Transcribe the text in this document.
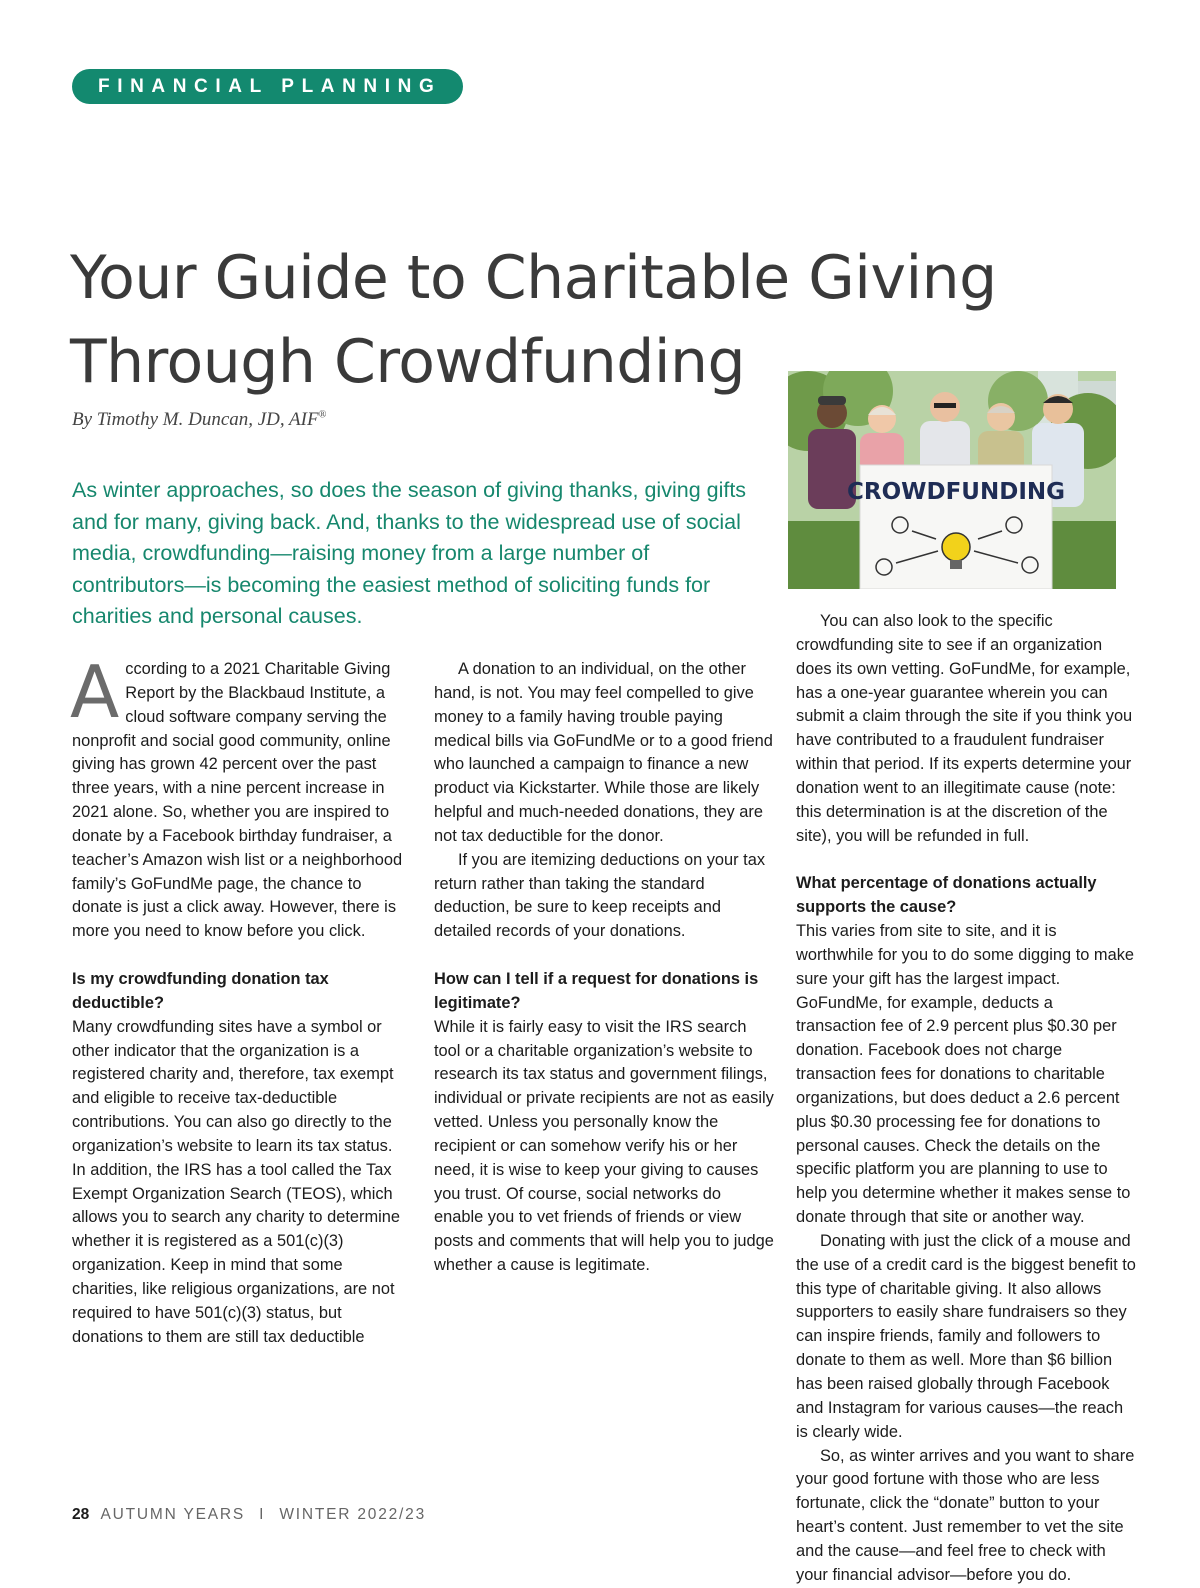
FINANCIAL PLANNING
Your Guide to Charitable Giving
Through Crowdfunding
By Timothy M. Duncan, JD, AIF®

As winter approaches, so does the season of giving thanks, giving gifts and for many, giving back. And, thanks to the widespread use of social media, crowdfunding—raising money from a large number of contributors—is becoming the easiest method of soliciting funds for charities and personal causes.

CROWDFUNDING

According to a 2021 Charitable Giving Report by the Blackbaud Institute, a cloud software company serving the nonprofit and social good community, online giving has grown 42 percent over the past three years, with a nine percent increase in 2021 alone. So, whether you are inspired to donate by a Facebook birthday fundraiser, a teacher’s Amazon wish list or a neighborhood family’s GoFundMe page, the chance to donate is just a click away. However, there is more you need to know before you click.

Is my crowdfunding donation tax deductible?

Many crowdfunding sites have a symbol or other indicator that the organization is a registered charity and, therefore, tax exempt and eligible to receive tax-deductible contributions. You can also go directly to the organization’s website to learn its tax status. In addition, the IRS has a tool called the Tax Exempt Organization Search (TEOS), which allows you to search any charity to determine whether it is registered as a 501(c)(3) organization. Keep in mind that some charities, like religious organizations, are not required to have 501(c)(3) status, but donations to them are still tax deductible

A donation to an individual, on the other hand, is not. You may feel compelled to give money to a family having trouble paying medical bills via GoFundMe or to a good friend who launched a campaign to finance a new product via Kickstarter. While those are likely helpful and much-needed donations, they are not tax deductible for the donor.

If you are itemizing deductions on your tax return rather than taking the standard deduction, be sure to keep receipts and detailed records of your donations.

How can I tell if a request for donations is legitimate?

While it is fairly easy to visit the IRS search tool or a charitable organization’s website to research its tax status and government filings, individual or private recipients are not as easily vetted. Unless you personally know the recipient or can somehow verify his or her need, it is wise to keep your giving to causes you trust. Of course, social networks do enable you to vet friends of friends or view posts and comments that will help you to judge whether a cause is legitimate.

You can also look to the specific crowdfunding site to see if an organization does its own vetting. GoFundMe, for example, has a one-year guarantee wherein you can submit a claim through the site if you think you have contributed to a fraudulent fundraiser within that period. If its experts determine your donation went to an illegitimate cause (note: this determination is at the discretion of the site), you will be refunded in full.

What percentage of donations actually supports the cause?

This varies from site to site, and it is worthwhile for you to do some digging to make sure your gift has the largest impact. GoFundMe, for example, deducts a transaction fee of 2.9 percent plus $0.30 per donation. Facebook does not charge transaction fees for donations to charitable organizations, but does deduct a 2.6 percent plus $0.30 processing fee for donations to personal causes. Check the details on the specific platform you are planning to use to help you determine whether it makes sense to donate through that site or another way.

Donating with just the click of a mouse and the use of a credit card is the biggest benefit to this type of charitable giving. It also allows supporters to easily share fundraisers so they can inspire friends, family and followers to donate to them as well. More than $6 billion has been raised globally through Facebook and Instagram for various causes—the reach is clearly wide.

So, as winter arrives and you want to share your good fortune with those who are less fortunate, click the “donate” button to your heart’s content. Just remember to vet the site and the cause—and feel free to check with your financial advisor—before you do.

28 AUTUMN YEARS I WINTER 2022/23
